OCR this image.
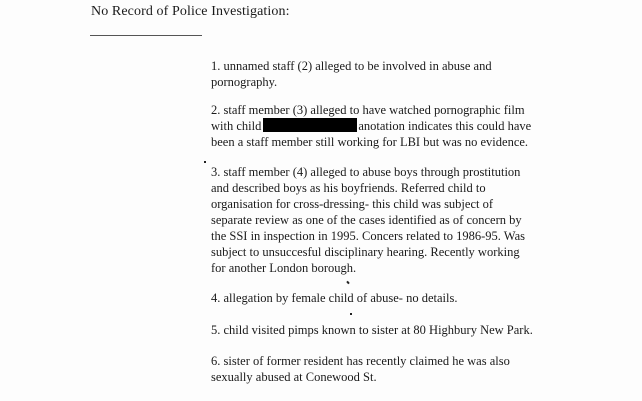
No Record of Police Investigation:
1. unnamed staff (2) alleged to be involved in abuse and
pornography.
2. staff member (3) alleged to have watched pornographic film
with child	anotation indicates this could have
been a staff member still working for LBI but was no evidence.
3. staff member (4) alleged to abuse boys through prostitution
and described boys as his boyfriends. Referred child to
organisation for cross-dressing- this child was subject of
separate review as one of the cases identified as of concern by
the SSI in inspection in 1995. Concers related to 1986-95. Was
subject to unsuccesful disciplinary hearing. Recently working
for another London borough.
4. allegation by female child of abuse- no details.
5. child visited pimps known to sister at 80 Highbury New Park.
6. sister of former resident has recently claimed he was also
sexually abused at Conewood St.
